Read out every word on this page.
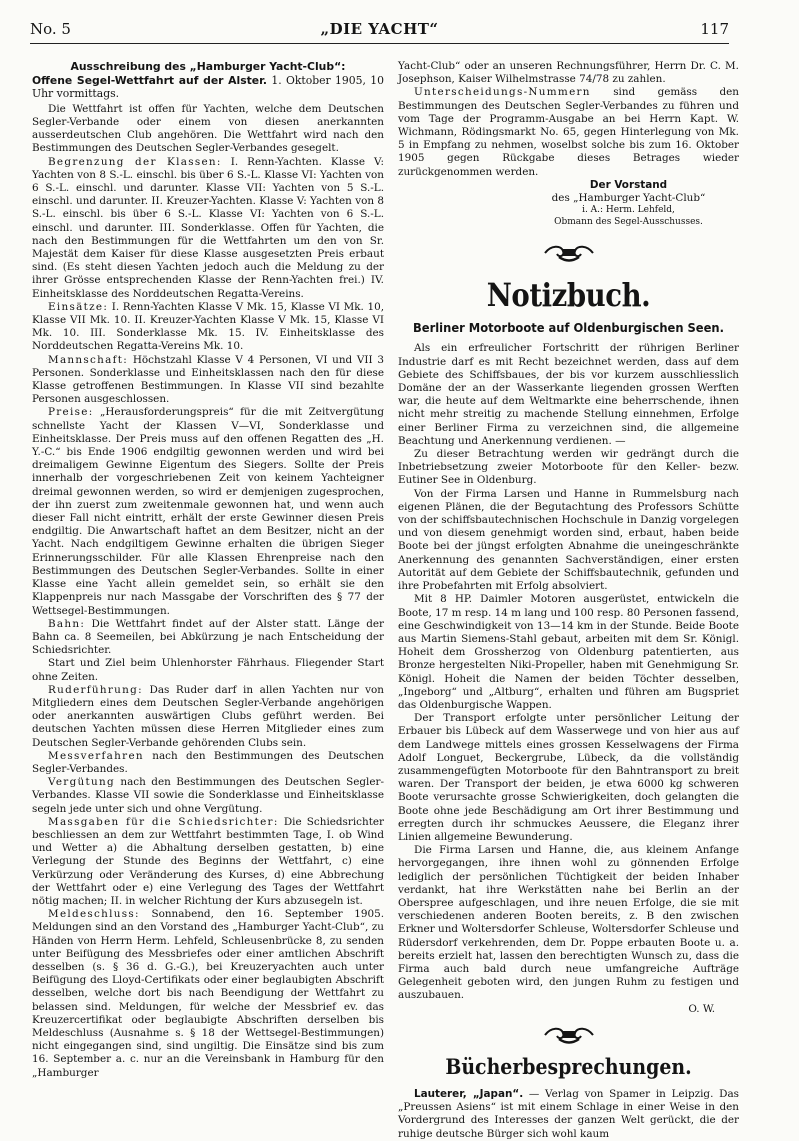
No. 5	„DIE YACHT“	117

Ausschreibung des „Hamburger Yacht-Club“:

Offene Segel-Wettfahrt auf der Alster. 1. Oktober 1905, 10 Uhr vormittags.

Die Wettfahrt ist offen für Yachten, welche dem Deutschen Segler-Verbande oder einem von diesen anerkannten ausserdeutschen Club angehören. Die Wettfahrt wird nach den Bestimmungen des Deutschen Segler-Verbandes gesegelt.

Begrenzung der Klassen: I. Renn-Yachten. Klasse V: Yachten von 8 S.-L. einschl. bis über 6 S.-L. Klasse VI: Yachten von 6 S.-L. einschl. und darunter. Klasse VII: Yachten von 5 S.-L. einschl. und darunter. II. Kreuzer-Yachten. Klasse V: Yachten von 8 S.-L. einschl. bis über 6 S.-L. Klasse VI: Yachten von 6 S.-L. einschl. und darunter. III. Sonderklasse. Offen für Yachten, die nach den Bestimmungen für die Wettfahrten um den von Sr. Majestät dem Kaiser für diese Klasse ausgesetzten Preis erbaut sind. (Es steht diesen Yachten jedoch auch die Meldung zu der ihrer Grösse entsprechenden Klasse der Renn-Yachten frei.) IV. Einheitsklasse des Norddeutschen Regatta-Vereins.

Einsätze: I. Renn-Yachten Klasse V Mk. 15, Klasse VI Mk. 10, Klasse VII Mk. 10. II. Kreuzer-Yachten Klasse V Mk. 15, Klasse VI Mk. 10. III. Sonderklasse Mk. 15. IV. Einheitsklasse des Norddeutschen Regatta-Vereins Mk. 10.

Mannschaft: Höchstzahl Klasse V 4 Personen, VI und VII 3 Personen. Sonderklasse und Einheitsklassen nach den für diese Klasse getroffenen Bestimmungen. In Klasse VII sind bezahlte Personen ausgeschlossen.

Preise: „Herausforderungspreis“ für die mit Zeitvergütung schnellste Yacht der Klassen V—VI, Sonderklasse und Einheitsklasse. Der Preis muss auf den offenen Regatten des „H. Y.-C.“ bis Ende 1906 endgiltig gewonnen werden und wird bei dreimaligem Gewinne Eigentum des Siegers. Sollte der Preis innerhalb der vorgeschriebenen Zeit von keinem Yachteigner dreimal gewonnen werden, so wird er demjenigen zugesprochen, der ihn zuerst zum zweitenmale gewonnen hat, und wenn auch dieser Fall nicht eintritt, erhält der erste Gewinner diesen Preis endgiltig. Die Anwartschaft haftet an dem Besitzer, nicht an der Yacht. Nach endgiltigem Gewinne erhalten die übrigen Sieger Erinnerungsschilder. Für alle Klassen Ehrenpreise nach den Bestimmungen des Deutschen Segler-Verbandes. Sollte in einer Klasse eine Yacht allein gemeldet sein, so erhält sie den Klappenpreis nur nach Massgabe der Vorschriften des § 77 der Wettsegel-Bestimmungen.

Bahn: Die Wettfahrt findet auf der Alster statt. Länge der Bahn ca. 8 Seemeilen, bei Abkürzung je nach Entscheidung der Schiedsrichter.

Start und Ziel beim Uhlenhorster Fährhaus. Fliegender Start ohne Zeiten.

Ruderführung: Das Ruder darf in allen Yachten nur von Mitgliedern eines dem Deutschen Segler-Verbande angehörigen oder anerkannten auswärtigen Clubs geführt werden. Bei deutschen Yachten müssen diese Herren Mitglieder eines zum Deutschen Segler-Verbande gehörenden Clubs sein.

Messverfahren nach den Bestimmungen des Deutschen Segler-Verbandes.

Vergütung nach den Bestimmungen des Deutschen Segler-Verbandes. Klasse VII sowie die Sonderklasse und Einheitsklasse segeln jede unter sich und ohne Vergütung.

Massgaben für die Schiedsrichter: Die Schiedsrichter beschliessen an dem zur Wettfahrt bestimmten Tage, I. ob Wind und Wetter a) die Abhaltung derselben gestatten, b) eine Verlegung der Stunde des Beginns der Wettfahrt, c) eine Verkürzung oder Veränderung des Kurses, d) eine Abbrechung der Wettfahrt oder e) eine Verlegung des Tages der Wettfahrt nötig machen; II. in welcher Richtung der Kurs abzusegeln ist.

Meldeschluss: Sonnabend, den 16. September 1905. Meldungen sind an den Vorstand des „Hamburger Yacht-Club“, zu Händen von Herrn Herm. Lehfeld, Schleusenbrücke 8, zu senden unter Beifügung des Messbriefes oder einer amtlichen Abschrift desselben (s. § 36 d. G.-G.), bei Kreuzeryachten auch unter Beifügung des Lloyd-Certifikats oder einer beglaubigten Abschrift desselben, welche dort bis nach Beendigung der Wettfahrt zu belassen sind. Meldungen, für welche der Messbrief ev. das Kreuzercertifikat oder beglaubigte Abschriften derselben bis Meldeschluss (Ausnahme s. § 18 der Wettsegel-Bestimmungen) nicht eingegangen sind, sind ungiltig. Die Einsätze sind bis zum 16. September a. c. nur an die Vereinsbank in Hamburg für den „Hamburger

Yacht-Club“ oder an unseren Rechnungsführer, Herrn Dr. C. M. Josephson, Kaiser Wilhelmstrasse 74/78 zu zahlen.

Unterscheidungs-Nummern sind gemäss den Bestimmungen des Deutschen Segler-Verbandes zu führen und vom Tage der Programm-Ausgabe an bei Herrn Kapt. W. Wichmann, Rödingsmarkt No. 65, gegen Hinterlegung von Mk. 5 in Empfang zu nehmen, woselbst solche bis zum 16. Oktober 1905 gegen Rückgabe dieses Betrages wieder zurückgenommen werden.

Der Vorstand

des „Hamburger Yacht-Club“

i. A.: Herm. Lehfeld,

Obmann des Segel-Ausschusses.

Notizbuch.
Berliner Motorboote auf Oldenburgischen Seen.

Als ein erfreulicher Fortschritt der rührigen Berliner Industrie darf es mit Recht bezeichnet werden, dass auf dem Gebiete des Schiffsbaues, der bis vor kurzem ausschliesslich Domäne der an der Wasserkante liegenden grossen Werften war, die heute auf dem Weltmarkte eine beherrschende, ihnen nicht mehr streitig zu machende Stellung einnehmen, Erfolge einer Berliner Firma zu verzeichnen sind, die allgemeine Beachtung und Anerkennung verdienen. —

Zu dieser Betrachtung werden wir gedrängt durch die Inbetriebsetzung zweier Motorboote für den Keller- bezw. Eutiner See in Oldenburg.

Von der Firma Larsen und Hanne in Rummelsburg nach eigenen Plänen, die der Begutachtung des Professors Schütte von der schiffsbautechnischen Hochschule in Danzig vorgelegen und von diesem genehmigt worden sind, erbaut, haben beide Boote bei der jüngst erfolgten Abnahme die uneingeschränkte Anerkennung des genannten Sachverständigen, einer ersten Autorität auf dem Gebiete der Schiffsbautechnik, gefunden und ihre Probefahrten mit Erfolg absolviert.

Mit 8 HP. Daimler Motoren ausgerüstet, entwickeln die Boote, 17 m resp. 14 m lang und 100 resp. 80 Personen fassend, eine Geschwindigkeit von 13—14 km in der Stunde. Beide Boote aus Martin Siemens-Stahl gebaut, arbeiten mit dem Sr. Königl. Hoheit dem Grossherzog von Oldenburg patentierten, aus Bronze hergestelten Niki-Propeller, haben mit Genehmigung Sr. Königl. Hoheit die Namen der beiden Töchter desselben, „Ingeborg“ und „Altburg“, erhalten und führen am Bugspriet das Oldenburgische Wappen.

Der Transport erfolgte unter persönlicher Leitung der Erbauer bis Lübeck auf dem Wasserwege und von hier aus auf dem Landwege mittels eines grossen Kesselwagens der Firma Adolf Longuet, Beckergrube, Lübeck, da die vollständig zusammengefügten Motorboote für den Bahntransport zu breit waren. Der Transport der beiden, je etwa 6000 kg schweren Boote verursachte grosse Schwierigkeiten, doch gelangten die Boote ohne jede Beschädigung am Ort ihrer Bestimmung und erregten durch ihr schmuckes Aeussere, die Eleganz ihrer Linien allgemeine Bewunderung.

Die Firma Larsen und Hanne, die, aus kleinem Anfange hervorgegangen, ihre ihnen wohl zu gönnenden Erfolge lediglich der persönlichen Tüchtigkeit der beiden Inhaber verdankt, hat ihre Werkstätten nahe bei Berlin an der Oberspree aufgeschlagen, und ihre neuen Erfolge, die sie mit verschiedenen anderen Booten bereits, z. B den zwischen Erkner und Woltersdorfer Schleuse, Woltersdorfer Schleuse und Rüdersdorf verkehrenden, dem Dr. Poppe erbauten Boote u. a. bereits erzielt hat, lassen den berechtigten Wunsch zu, dass die Firma auch bald durch neue umfangreiche Aufträge Gelegenheit geboten wird, den jungen Ruhm zu festigen und auszubauen.

O. W.

Bücherbesprechungen.

Lauterer, „Japan“. — Verlag von Spamer in Leipzig. Das „Preussen Asiens“ ist mit einem Schlage in einer Weise in den Vordergrund des Interesses der ganzen Welt gerückt, die der ruhige deutsche Bürger sich wohl kaum
